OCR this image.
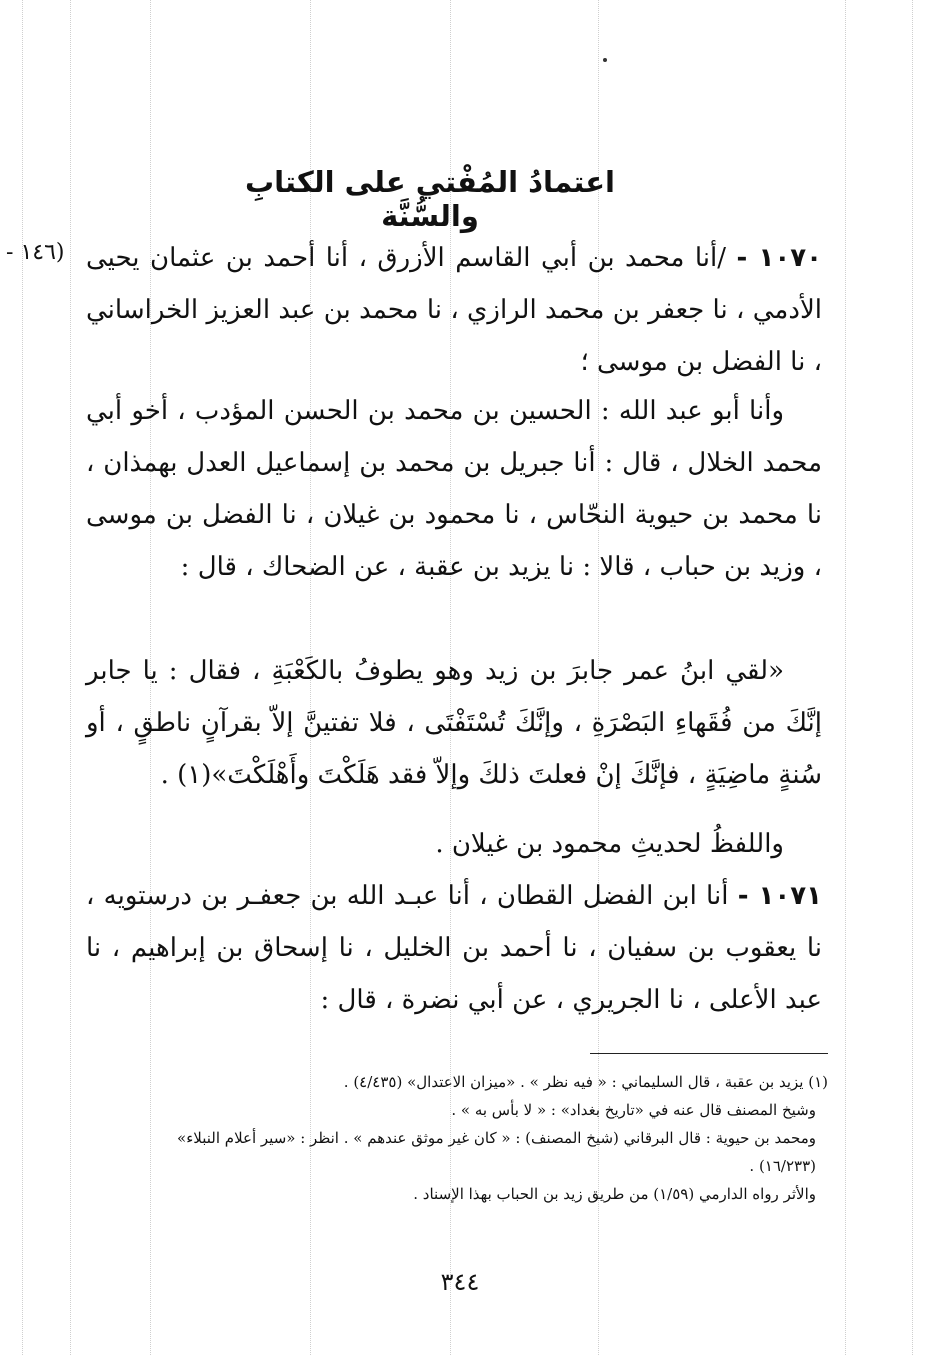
اعتمادُ المُفْتي على الكتابِ والسُّنَّة
(١٤٦ -	١٠٧٠ - /أنا محمد بن أبي القاسم الأزرق ، أنا أحمد بن عثمان يحيى الأدمي ، نا جعفر بن محمد الرازي ، نا محمد بن عبد العزيز الخراساني ، نا الفضل بن موسى ؛
وأنا أبو عبد الله : الحسين بن محمد بن الحسن المؤدب ، أخو أبي محمد الخلال ، قال : أنا جبريل بن محمد بن إسماعيل العدل بهمذان ، نا محمد بن حيوية النحّاس ، نا محمود بن غيلان ، نا الفضل بن موسى ، وزيد بن حباب ، قالا : نا يزيد بن عقبة ، عن الضحاك ، قال :
«لقي ابنُ عمر جابرَ بن زيد وهو يطوفُ بالكَعْبَةِ ، فقال : يا جابر إنَّكَ من فُقَهاءِ البَصْرَةِ ، وإنَّكَ تُسْتَفْتَى ، فلا تفتينَّ إلاّ بقرآنٍ ناطقٍ ، أو سُنةٍ ماضِيَةٍ ، فإنَّكَ إنْ فعلتَ ذلكَ وإلاّ فقد هَلَكْتَ وأَهْلَكْتَ»(١) .
واللفظُ لحديثِ محمود بن غيلان .
١٠٧١ - أنا ابن الفضل القطان ، أنا عبـد الله بن جعفـر بن درستويه ، نا يعقوب بن سفيان ، نا أحمد بن الخليل ، نا إسحاق بن إبراهيم ، نا عبد الأعلى ، نا الجريري ، عن أبي نضرة ، قال :

(١) يزيد بن عقبة ، قال السليماني : « فيه نظر » . «ميزان الاعتدال» (٤/٤٣٥) .

وشيخ المصنف قال عنه في «تاريخ بغداد» : « لا بأس به » .

ومحمد بن حيوية : قال البرقاني (شيخ المصنف) : « كان غير موثق عندهم » . انظر : «سير أعلام النبلاء» (١٦/٢٣٣) .

والأثر رواه الدارمي (١/٥٩) من طريق زيد بن الحباب بهذا الإسناد .

٣٤٤
